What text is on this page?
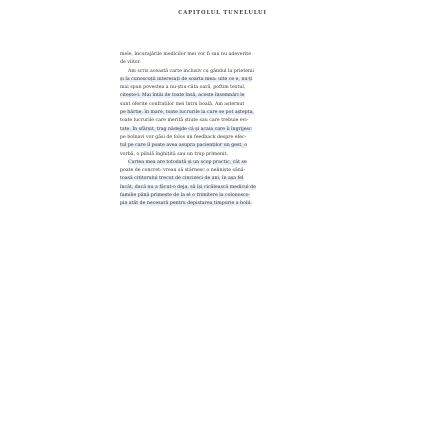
CAPITOLUL TUNELULUI
mele, încurajările medicilor mei vor fi sau nu adeverite
de viitor.
Am scris această carte inclusiv cu gândul la prietenii
și la cunoscuții interesați de soarta mea: uite ce e, nu-ți
mai spun povestea a nu-știu-câta oară, poftim textul,
citește-l. Mai întâi de toate însă, aceste însemnări le
sunt oferite confraților mei întru boală. Am așternut
pe hârtie, în mare, toate lucrurile la care se pot aștepta,
toate lucrurile care merită știute sau care trebuie evi-
tate. În sfârșit, trag nădejde că și acaia care îi îngrijesc
pe bolnavi vor găsi de folos un feedback despre efec-
tul pe care îl poate avea asupra pacienților un gest, o
vorbă, o pilulă înghițită sau un trup primenit.
Cartea mea are totodată și un scop practic, cât se
poate de concret: vreau să stârnesc o neliniște sănă-
toasă cititorului trecut de cincizeci de ani, în așa fel
încât, dacă nu a făcut-o deja, să își cicălească medicul de
familie până primește de la el o trimitere la colonosco-
pia atât de necesară pentru depistarea timpurie a bolii.
